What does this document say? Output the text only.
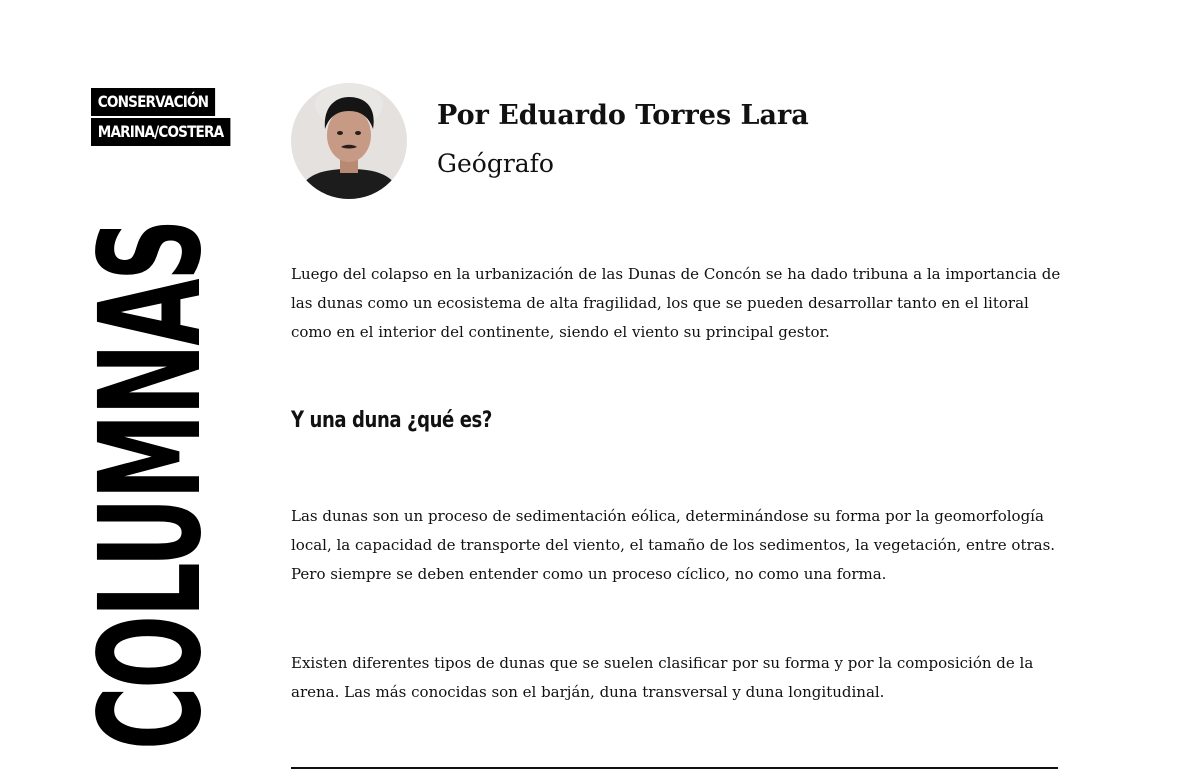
CONSERVACIÓN
MARINA/COSTERA
COLUMNAS
Por Eduardo Torres Lara
Geógrafo

Luego del colapso en la urbanización de las Dunas de Concón se ha dado tribuna a la importancia de las dunas como un ecosistema de alta fragilidad, los que se pueden desarrollar tanto en el litoral como en el interior del continente, siendo el viento su principal gestor.

Y una duna ¿qué es?

Las dunas son un proceso de sedimentación eólica, determinándose su forma por la geomorfología local, la capacidad de transporte del viento, el tamaño de los sedimentos, la vegetación, entre otras. Pero siempre se deben entender como un proceso cíclico, no como una forma.

Existen diferentes tipos de dunas que se suelen clasificar por su forma y por la composición de la arena. Las más conocidas son el barján, duna transversal y duna longitudinal.
